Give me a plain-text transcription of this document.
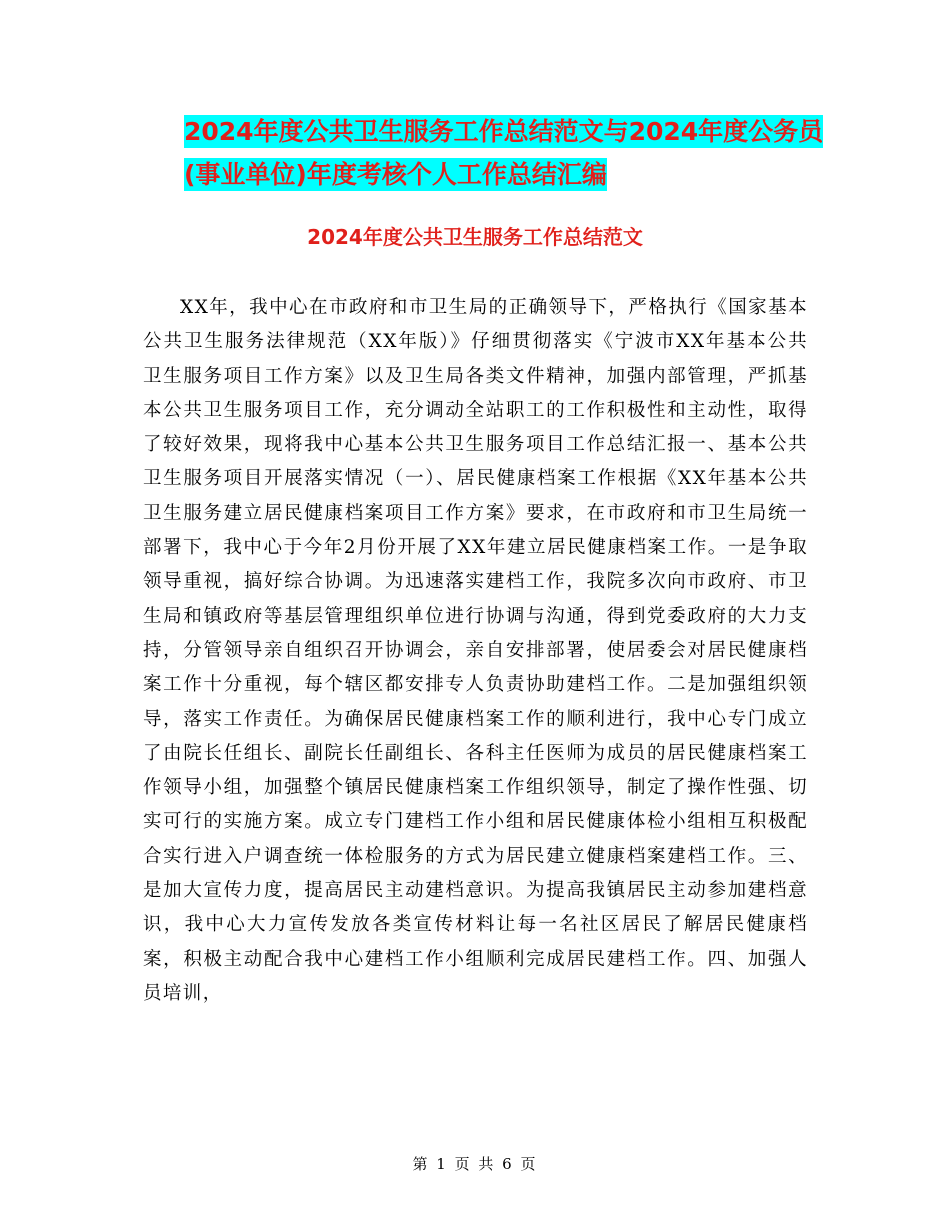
2024年度公共卫生服务工作总结范文与2024年度公务员(事业单位)年度考核个人工作总结汇编
2024年度公共卫生服务工作总结范文

XX年，我中心在市政府和市卫生局的正确领导下，严格执行《国家基本公共卫生服务法律规范（XX年版）》仔细贯彻落实《宁波市XX年基本公共卫生服务项目工作方案》以及卫生局各类文件精神，加强内部管理，严抓基本公共卫生服务项目工作，充分调动全站职工的工作积极性和主动性，取得了较好效果，现将我中心基本公共卫生服务项目工作总结汇报一、基本公共卫生服务项目开展落实情况（一）、居民健康档案工作根据《XX年基本公共卫生服务建立居民健康档案项目工作方案》要求，在市政府和市卫生局统一部署下，我中心于今年2月份开展了XX年建立居民健康档案工作。一是争取领导重视，搞好综合协调。为迅速落实建档工作，我院多次向市政府、市卫生局和镇政府等基层管理组织单位进行协调与沟通，得到党委政府的大力支持，分管领导亲自组织召开协调会，亲自安排部署，使居委会对居民健康档案工作十分重视，每个辖区都安排专人负责协助建档工作。二是加强组织领导，落实工作责任。为确保居民健康档案工作的顺利进行，我中心专门成立了由院长任组长、副院长任副组长、各科主任医师为成员的居民健康档案工作领导小组，加强整个镇居民健康档案工作组织领导，制定了操作性强、切实可行的实施方案。成立专门建档工作小组和居民健康体检小组相互积极配合实行进入户调查统一体检服务的方式为居民建立健康档案建档工作。三、是加大宣传力度，提高居民主动建档意识。为提高我镇居民主动参加建档意识，我中心大力宣传发放各类宣传材料让每一名社区居民了解居民健康档案，积极主动配合我中心建档工作小组顺利完成居民建档工作。四、加强人员培训，

第 1 页 共 6 页
